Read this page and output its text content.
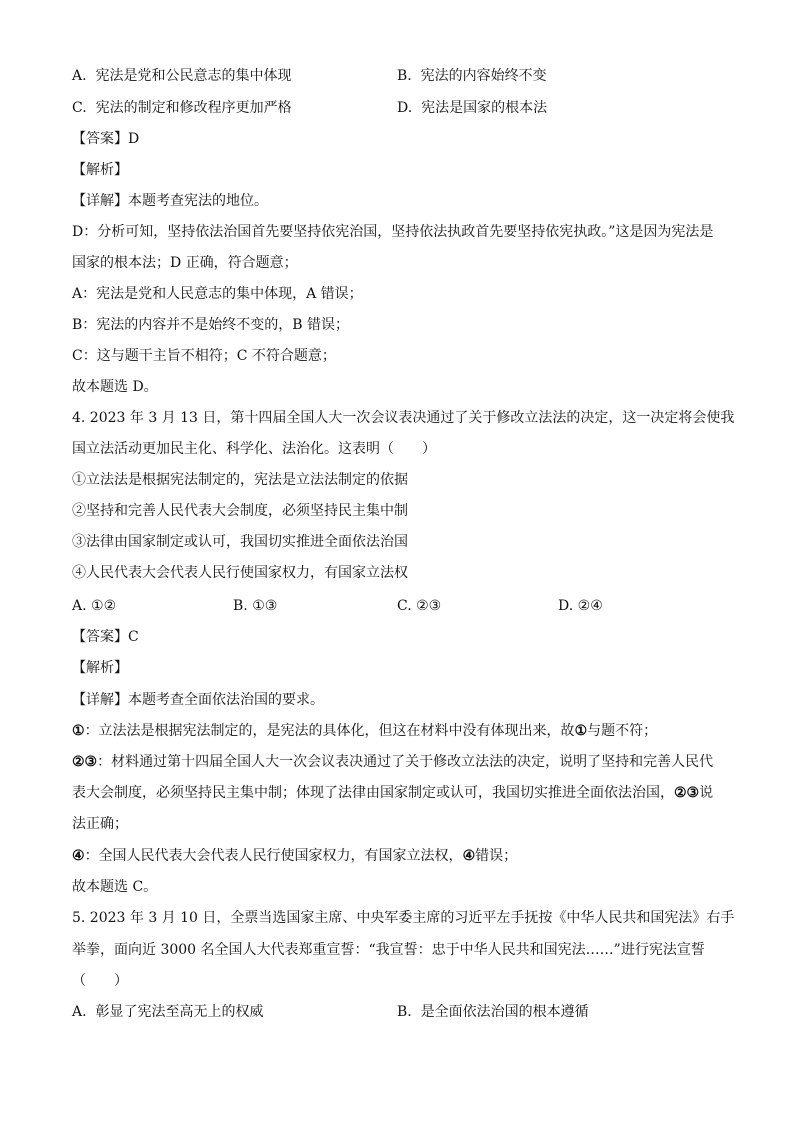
A. 宪法是党和公民意志的集中体现	B. 宪法的内容始终不变
C. 宪法的制定和修改程序更加严格	D. 宪法是国家的根本法
【答案】D
【解析】
【详解】本题考查宪法的地位。
D：分析可知，坚持依法治国首先要坚持依宪治国，坚持依法执政首先要坚持依宪执政。”这是因为宪法是
国家的根本法；D 正确，符合题意；
A：宪法是党和人民意志的集中体现，A 错误；
B：宪法的内容并不是始终不变的，B 错误；
C：这与题干主旨不相符；C 不符合题意；
故本题选 D。
4. 2023 年 3 月 13 日，第十四届全国人大一次会议表决通过了关于修改立法法的决定，这一决定将会使我
国立法活动更加民主化、科学化、法治化。这表明（　　）
①立法法是根据宪法制定的，宪法是立法法制定的依据
②坚持和完善人民代表大会制度，必须坚持民主集中制
③法律由国家制定或认可，我国切实推进全面依法治国
④人民代表大会代表人民行使国家权力，有国家立法权
A. ①②	B. ①③	C. ②③	D. ②④
【答案】C
【解析】
【详解】本题考查全面依法治国的要求。
①：立法法是根据宪法制定的，是宪法的具体化，但这在材料中没有体现出来，故①与题不符；
②③：材料通过第十四届全国人大一次会议表决通过了关于修改立法法的决定，说明了坚持和完善人民代
表大会制度，必须坚持民主集中制；体现了法律由国家制定或认可，我国切实推进全面依法治国，②③说
法正确；
④：全国人民代表大会代表人民行使国家权力，有国家立法权，④错误；
故本题选 C。
5. 2023 年 3 月 10 日，全票当选国家主席、中央军委主席的习近平左手抚按《中华人民共和国宪法》右手
举拳，面向近 3000 名全国人大代表郑重宣誓：“我宣誓：忠于中华人民共和国宪法……”进行宪法宣誓
（　　）
A. 彰显了宪法至高无上的权威	B. 是全面依法治国的根本遵循
